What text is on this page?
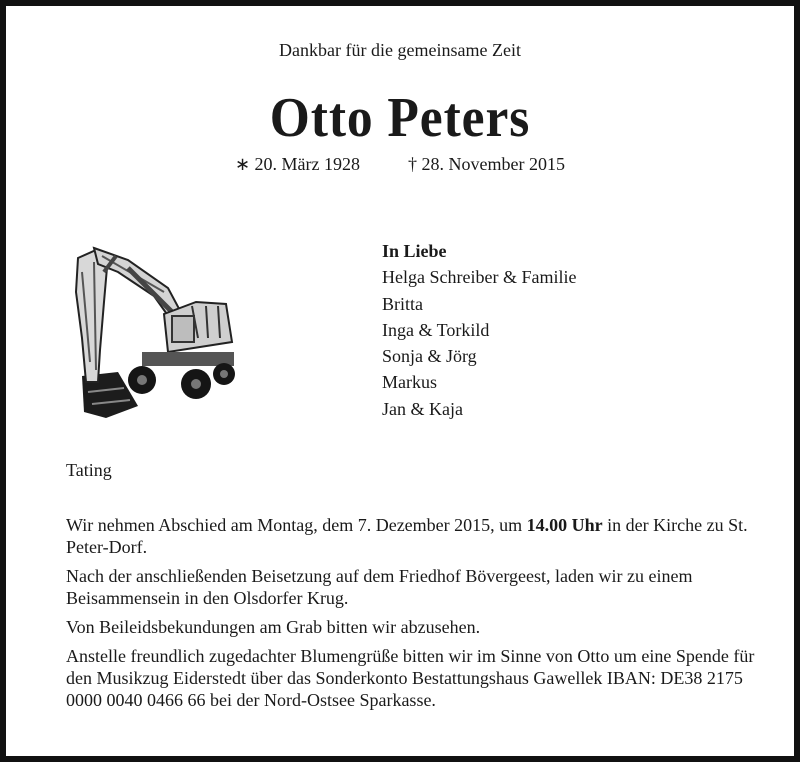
Dankbar für die gemeinsame Zeit
Otto Peters
∗ 20. März 1928	† 28. November 2015
In Liebe
Helga Schreiber & Familie
Britta
Inga & Torkild
Sonja & Jörg
Markus
Jan & Kaja
Tating

Wir nehmen Abschied am Montag, dem 7. Dezember 2015, um 14.00 Uhr in der Kirche zu St. Peter-Dorf.

Nach der anschließenden Beisetzung auf dem Friedhof Bövergeest, laden wir zu einem Beisammensein in den Olsdorfer Krug.

Von Beileidsbekundungen am Grab bitten wir abzusehen.

Anstelle freundlich zugedachter Blumengrüße bitten wir im Sinne von Otto um eine Spende für den Musikzug Eiderstedt über das Sonderkonto Bestattungshaus Gawellek IBAN: DE38 2175 0000 0040 0466 66 bei der Nord-Ostsee Sparkasse.
